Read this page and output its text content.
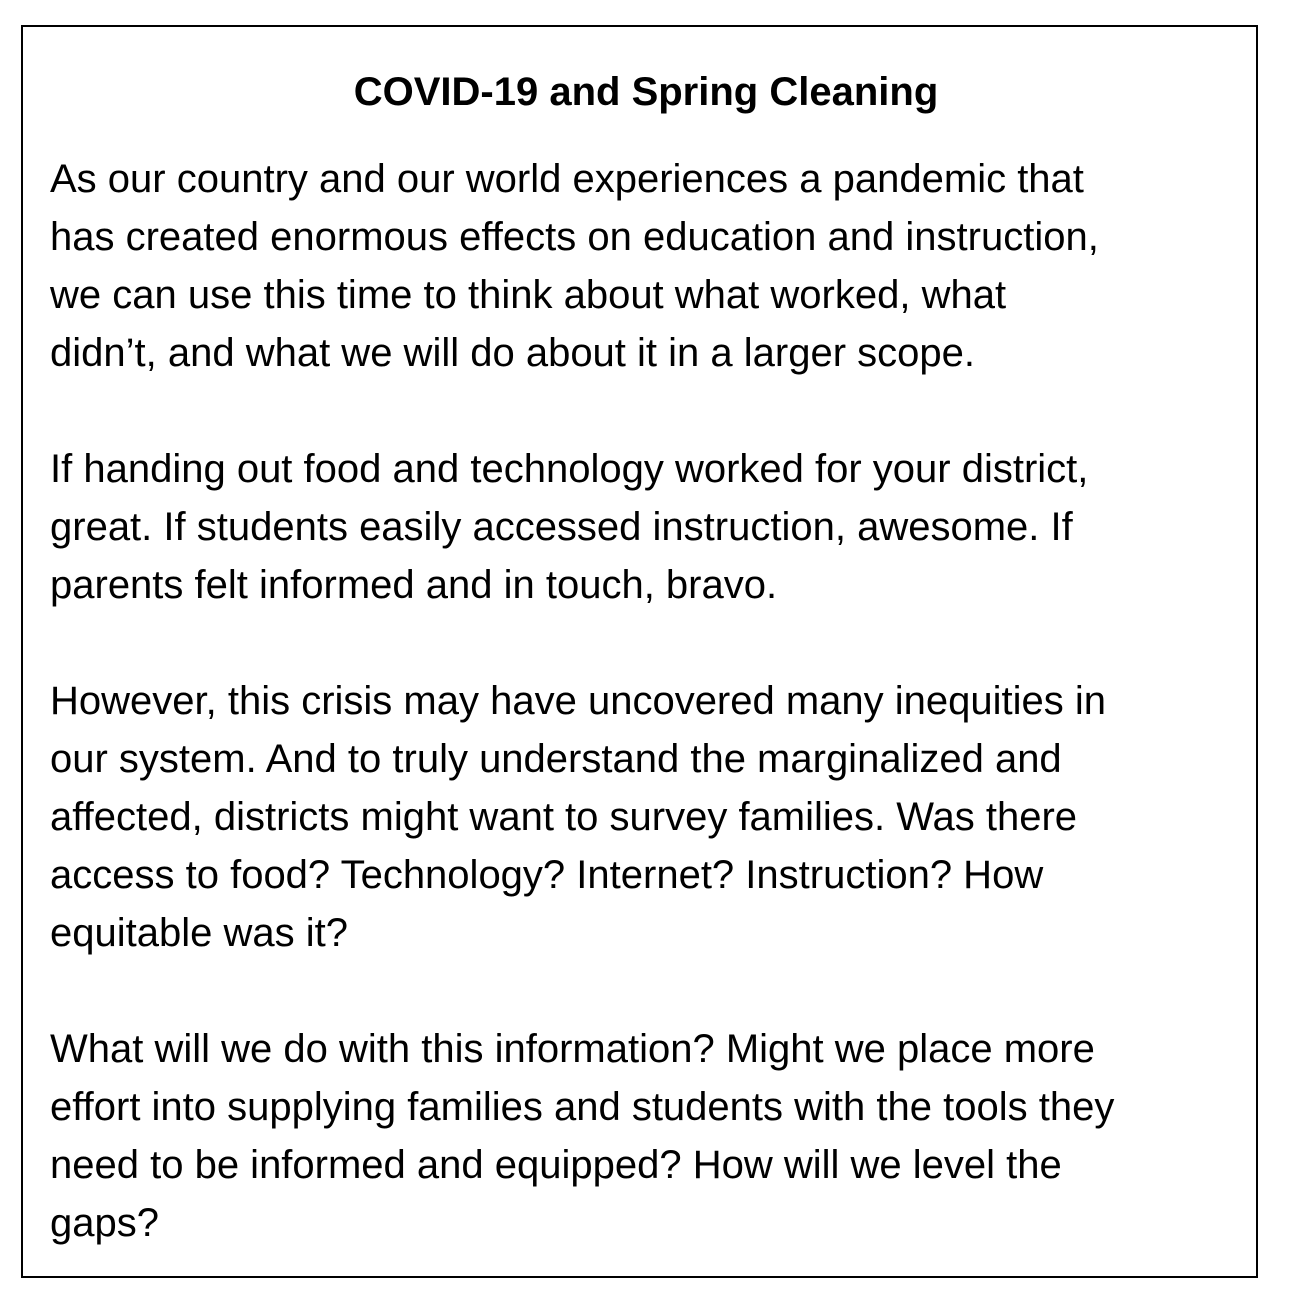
COVID-19 and Spring Cleaning

As our country and our world experiences a pandemic that
has created enormous effects on education and instruction,
we can use this time to think about what worked, what
didn’t, and what we will do about it in a larger scope.

If handing out food and technology worked for your district,
great. If students easily accessed instruction, awesome. If
parents felt informed and in touch, bravo.

However, this crisis may have uncovered many inequities in
our system. And to truly understand the marginalized and
affected, districts might want to survey families. Was there
access to food? Technology? Internet? Instruction? How
equitable was it?

What will we do with this information? Might we place more
effort into supplying families and students with the tools they
need to be informed and equipped? How will we level the
gaps?
